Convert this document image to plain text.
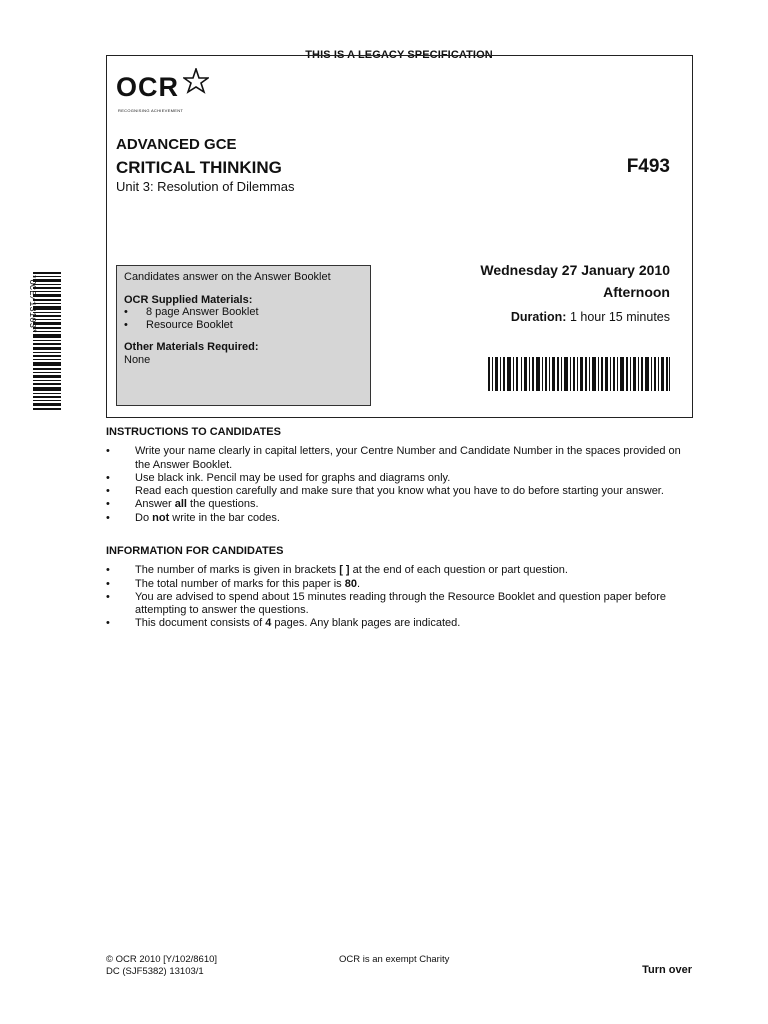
THIS IS A LEGACY SPECIFICATION
OCR
RECOGNISING ACHIEVEMENT
ADVANCED GCE
CRITICAL THINKING
Unit 3: Resolution of Dilemmas
F493
Candidates answer on the Answer Booklet
OCR Supplied Materials:
• 8 page Answer Booklet
• Resource Booklet
Other Materials Required:
None
Wednesday 27 January 2010
Afternoon
Duration: 1 hour 15 minutes
*OCE/13103*
INSTRUCTIONS TO CANDIDATES
• Write your name clearly in capital letters, your Centre Number and Candidate Number in the spaces provided on the Answer Booklet.
• Use black ink. Pencil may be used for graphs and diagrams only.
• Read each question carefully and make sure that you know what you have to do before starting your answer.
• Answer all the questions.
• Do not write in the bar codes.
INFORMATION FOR CANDIDATES
• The number of marks is given in brackets [ ] at the end of each question or part question.
• The total number of marks for this paper is 80.
• You are advised to spend about 15 minutes reading through the Resource Booklet and question paper before attempting to answer the questions.
• This document consists of 4 pages. Any blank pages are indicated.
© OCR 2010 [Y/102/8610]
DC (SJF5382) 13103/1
OCR is an exempt Charity
Turn over
